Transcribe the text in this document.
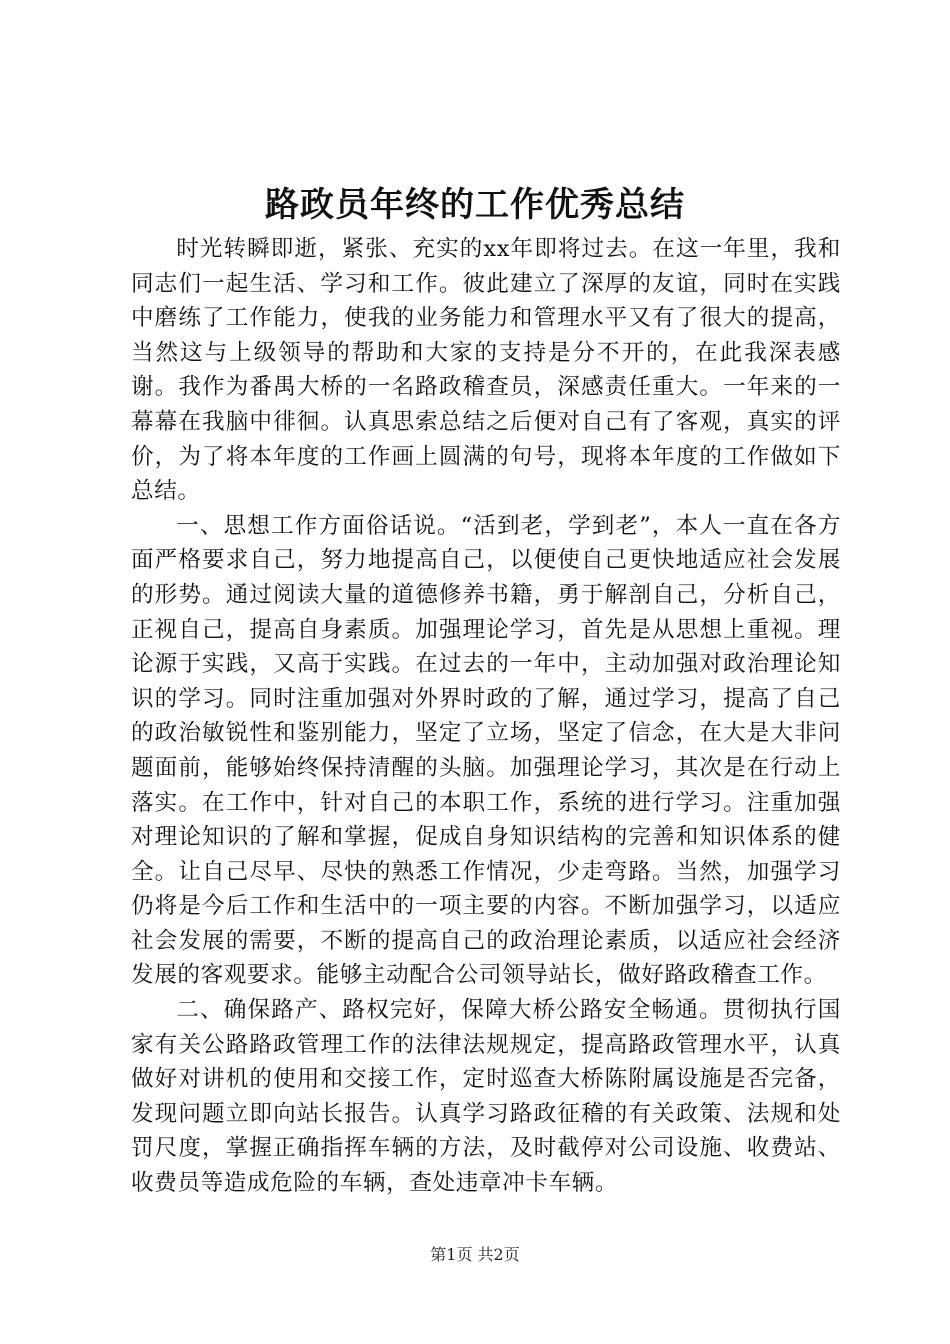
路政员年终的工作优秀总结

时光转瞬即逝，紧张、充实的xx年即将过去。在这一年里，我和同志们一起生活、学习和工作。彼此建立了深厚的友谊，同时在实践中磨练了工作能力，使我的业务能力和管理水平又有了很大的提高，当然这与上级领导的帮助和大家的支持是分不开的，在此我深表感谢。我作为番禺大桥的一名路政稽查员，深感责任重大。一年来的一幕幕在我脑中徘徊。认真思索总结之后便对自己有了客观，真实的评价，为了将本年度的工作画上圆满的句号，现将本年度的工作做如下总结。

一、思想工作方面俗话说。“活到老，学到老”，本人一直在各方面严格要求自己，努力地提高自己，以便使自己更快地适应社会发展的形势。通过阅读大量的道德修养书籍，勇于解剖自己，分析自己，正视自己，提高自身素质。加强理论学习，首先是从思想上重视。理论源于实践，又高于实践。在过去的一年中，主动加强对政治理论知识的学习。同时注重加强对外界时政的了解，通过学习，提高了自己的政治敏锐性和鉴别能力，坚定了立场，坚定了信念，在大是大非问题面前，能够始终保持清醒的头脑。加强理论学习，其次是在行动上落实。在工作中，针对自己的本职工作，系统的进行学习。注重加强对理论知识的了解和掌握，促成自身知识结构的完善和知识体系的健全。让自己尽早、尽快的熟悉工作情况，少走弯路。当然，加强学习仍将是今后工作和生活中的一项主要的内容。不断加强学习，以适应社会发展的需要，不断的提高自己的政治理论素质，以适应社会经济发展的客观要求。能够主动配合公司领导站长，做好路政稽查工作。

二、确保路产、路权完好，保障大桥公路安全畅通。贯彻执行国家有关公路路政管理工作的法律法规规定，提高路政管理水平，认真做好对讲机的使用和交接工作，定时巡查大桥陈附属设施是否完备，发现问题立即向站长报告。认真学习路政征稽的有关政策、法规和处罚尺度，掌握正确指挥车辆的方法，及时截停对公司设施、收费站、收费员等造成危险的车辆，查处违章冲卡车辆。

第1页 共2页
